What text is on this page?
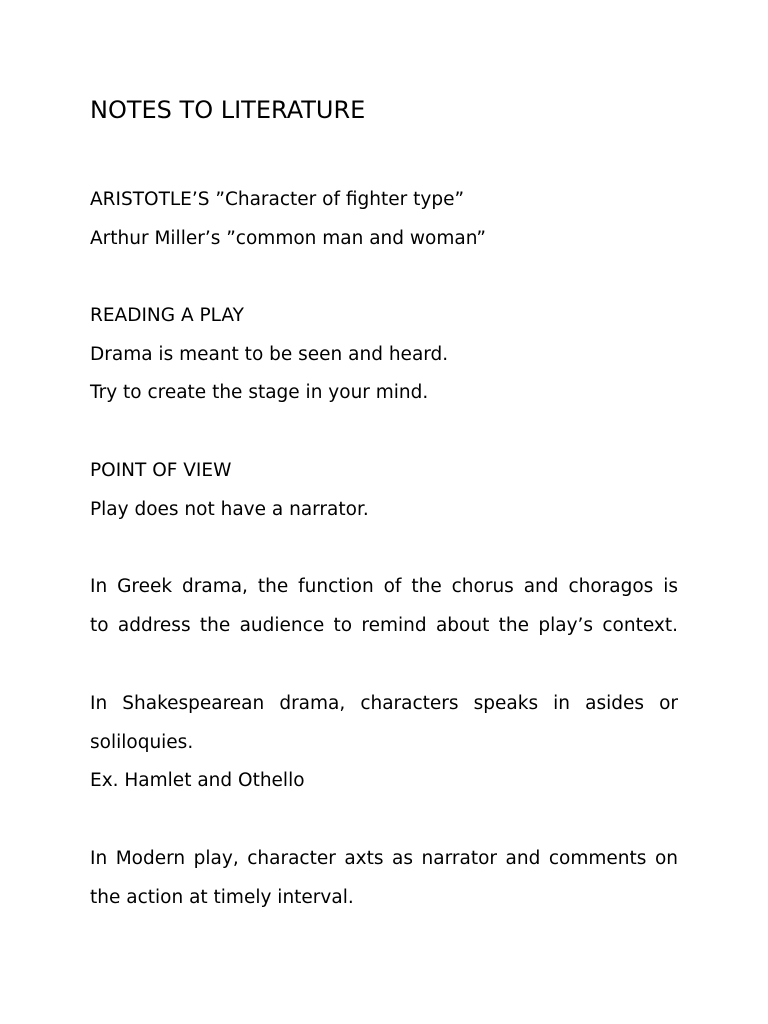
NOTES TO LITERATURE

ARISTOTLE’S ”Character of fighter type”

Arthur Miller’s ”common man and woman”

READING A PLAY

Drama is meant to be seen and heard.

Try to create the stage in your mind.

POINT OF VIEW

Play does not have a narrator.

In Greek drama, the function of the chorus and choragos is

to address the audience to remind about the play’s context.

In Shakespearean drama, characters speaks in asides or

soliloquies.

Ex. Hamlet and Othello

In Modern play, character axts as narrator and comments on

the action at timely interval.
